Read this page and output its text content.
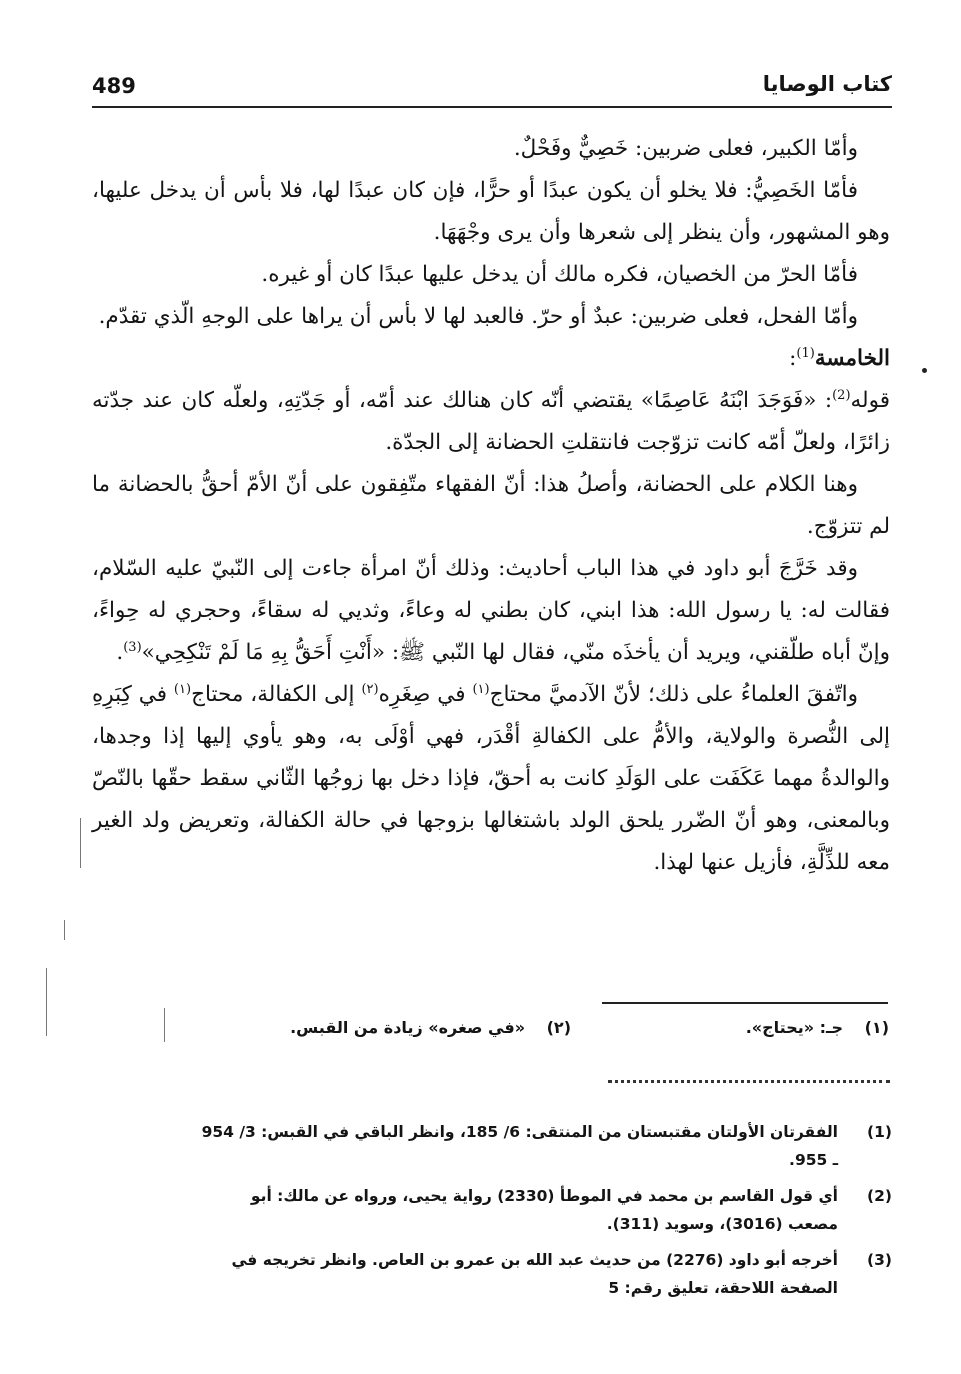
489	كتاب الوصايا

وأمّا الكبير، فعلى ضربين: خَصِيٌّ وفَحْلٌ.

فأمّا الخَصِيُّ: فلا يخلو أن يكون عبدًا أو حرًّا، فإن كان عبدًا لها، فلا بأس أن يدخل عليها، وهو المشهور، وأن ينظر إلى شعرها وأن يرى وجْهَهَا.

فأمّا الحرّ من الخصيان، فكره مالك أن يدخل عليها عبدًا كان أو غيره.

وأمّا الفحل، فعلى ضربين: عبدٌ أو حرّ. فالعبد لها لا بأس أن يراها على الوجهِ الّذي تقدّم.

الخامسة$^{(1)}$:

قوله$^{(2)}$: «فَوَجَدَ ابْنَهُ عَاصِمًا» يقتضي أنّه كان هنالك عند أمّه، أو جَدّتِهِ، ولعلّه كان عند جدّته زائرًا، ولعلّ أمّه كانت تزوّجت فانتقلتِ الحضانة إلى الجدّة.

وهنا الكلام على الحضانة، وأصلُ هذا: أنّ الفقهاء متّفِقون على أنّ الأمّ أحقُّ بالحضانة ما لم تتزوّج.

وقد خَرَّجَ أبو داود في هذا الباب أحاديث: وذلك أنّ امرأة جاءت إلى النّبيّ عليه السّلام، فقالت له: يا رسول الله: هذا ابني، كان بطني له وعاءً، وثديي له سقاءً، وحجري له حِواءً، وإنّ أباه طلّقني، ويريد أن يأخذَه منّي، فقال لها النّبي ﷺ: «أَنْتِ أَحَقُّ بِهِ مَا لَمْ تَنْكِحِي»$^{(3)}$.

واتّفقَ العلماءُ على ذلك؛ لأنّ الآدميَّ محتاج$^{(١)}$ في صِغَرِه$^{(٢)}$ إلى الكفالة، محتاج$^{(١)}$ في كِبَرِهِ إلى النُّصرة والولاية، والأمُّ على الكفالةِ أقْدَر، فهي أوْلَى به، وهو يأوي إليها إذا وجدها، والوالدةُ مهما عَكَفَت على الوَلَدِ كانت به أحقّ، فإذا دخل بها زوجُها الثّاني سقط حقّها بالنّصّ وبالمعنى، وهو أنّ الضّرر يلحق الولد باشتغالها بزوجها في حالة الكفالة، وتعريض ولد الغير معه للذِّلَّةِ، فأزيل عنها لهذا.

(١) جـ: «يحتاج».
(٢) «في صغره» زيادة من القبس.
(1)
الفقرتان الأولتان مقتبستان من المنتقى: 6/ 185، وانظر الباقي في القبس: 3/ 954 ـ 955.
(2)
أي قول القاسم بن محمد في الموطأ (2330) رواية يحيى، ورواه عن مالك: أبو مصعب (3016)، وسويد (311).
(3)
أخرجه أبو داود (2276) من حديث عبد الله بن عمرو بن العاص. وانظر تخريجه في الصفحة اللاحقة، تعليق رقم: 5
